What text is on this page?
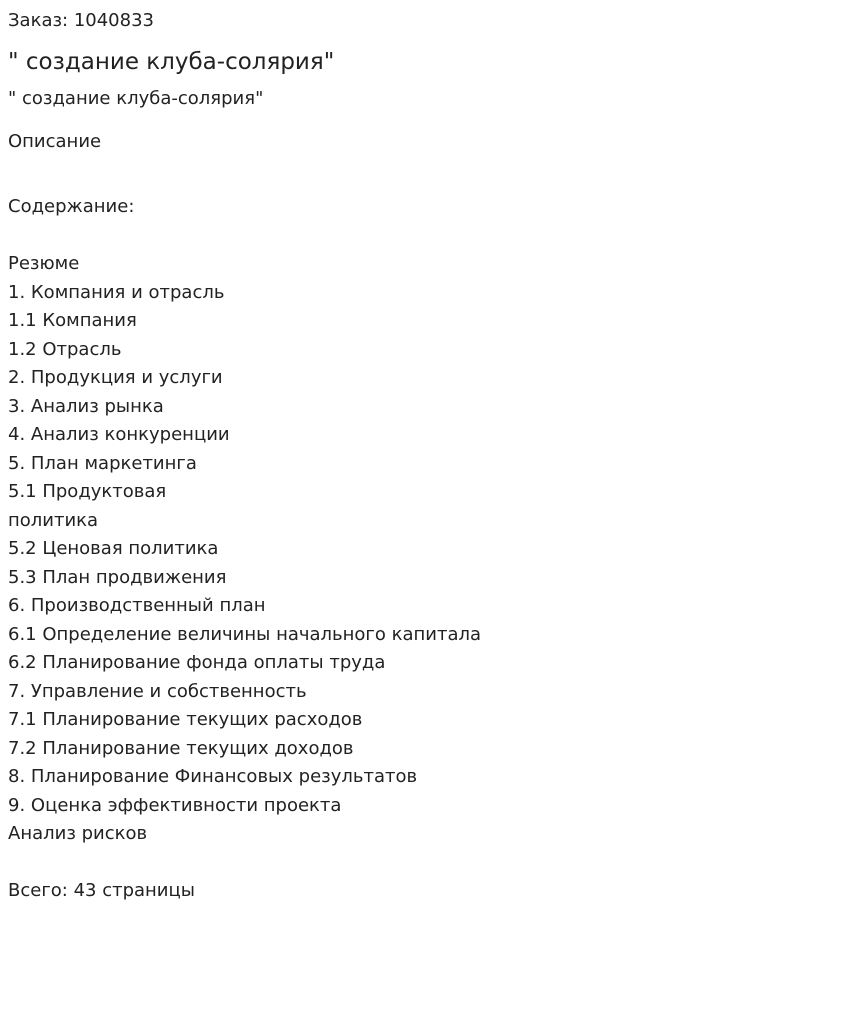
Заказ: 1040833
" создание клуба-солярия"
" создание клуба-солярия"
Описание
Содержание:
Резюме
1. Компания и отрасль
1.1 Компания
1.2 Отрасль
2. Продукция и услуги
3. Анализ рынка
4. Анализ конкуренции
5. План маркетинга
5.1 Продуктовая
политика
5.2 Ценовая политика
5.3 План продвижения
6. Производственный план
6.1 Определение величины начального капитала
6.2 Планирование фонда оплаты труда
7. Управление и собственность
7.1 Планирование текущих расходов
7.2 Планирование текущих доходов
8. Планирование Финансовых результатов
9. Оценка эффективности проекта
Анализ рисков
Всего: 43 страницы
